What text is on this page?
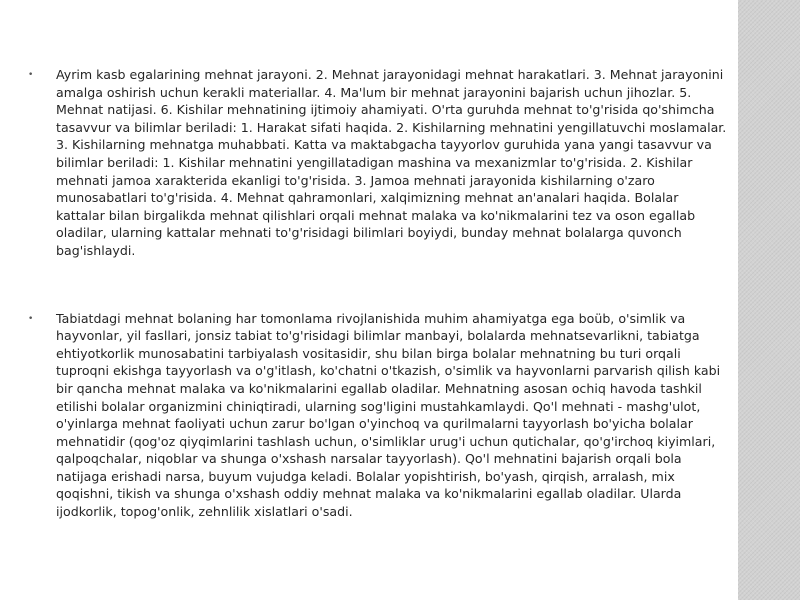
• Ayrim kasb egalarining mehnat jarayoni. 2. Mehnat jarayonidagi mehnat harakatlari. 3. Mehnat jarayonini amalga oshirish uchun kerakli materiallar. 4. Ma'lum bir mehnat jarayonini bajarish uchun jihozlar. 5. Mehnat natijasi. 6. Kishilar mehnatining ijtimoiy ahamiyati. O'rta guruhda mehnat to'g'risida qo'shimcha tasavvur va bilimlar beriladi: 1. Harakat sifati haqida. 2. Kishilarning mehnatini yengillatuvchi moslamalar. 3. Kishilarning mehnatga muhabbati. Katta va maktabgacha tayyorlov guruhida yana yangi tasavvur va bilimlar beriladi: 1. Kishilar mehnatini yengillatadigan mashina va mexanizmlar to'g'risida. 2. Kishilar mehnati jamoa xarakterida ekanligi to'g'risida. 3. Jamoa mehnati jarayonida kishilarning o'zaro munosabatlari to'g'risida. 4. Mehnat qahramonlari, xalqimizning mehnat an'analari haqida. Bolalar kattalar bilan birgalikda mehnat qilishlari orqali mehnat malaka va ko'nikmalarini tez va oson egallab oladilar, ularning kattalar mehnati to'g'risidagi bilimlari boyiydi, bunday mehnat bolalarga quvonch bag'ishlaydi.
• Tabiatdagi mehnat bolaning har tomonlama rivojlanishida muhim ahamiyatga ega boüb, o'simlik va hayvonlar, yil fasllari, jonsiz tabiat to'g'risidagi bilimlar manbayi, bolalarda mehnatsevarlikni, tabiatga ehtiyotkorlik munosabatini tarbiyalash vositasidir, shu bilan birga bolalar mehnatning bu turi orqali tuproqni ekishga tayyorlash va o'g'itlash, ko'chatni o'tkazish, o'simlik va hayvonlarni parvarish qilish kabi bir qancha mehnat malaka va ko'nikmalarini egallab oladilar. Mehnatning asosan ochiq havoda tashkil etilishi bolalar organizmini chiniqtiradi, ularning sog'ligini mustahkamlaydi. Qo'l mehnati - mashg'ulot, o'yinlarga mehnat faoliyati uchun zarur bo'lgan o'yinchoq va qurilmalarni tayyorlash bo'yicha bolalar mehnatidir (qog'oz qiyqimlarini tashlash uchun, o'simliklar urug'i uchun qutichalar, qo'g'irchoq kiyimlari, qalpoqchalar, niqoblar va shunga o'xshash narsalar tayyorlash). Qo'l mehnatini bajarish orqali bola natijaga erishadi narsa, buyum vujudga keladi. Bolalar yopishtirish, bo'yash, qirqish, arralash, mix qoqishni, tikish va shunga o'xshash oddiy mehnat malaka va ko'nikmalarini egallab oladilar. Ularda ijodkorlik, topog'onlik, zehnlilik xislatlari o'sadi.
